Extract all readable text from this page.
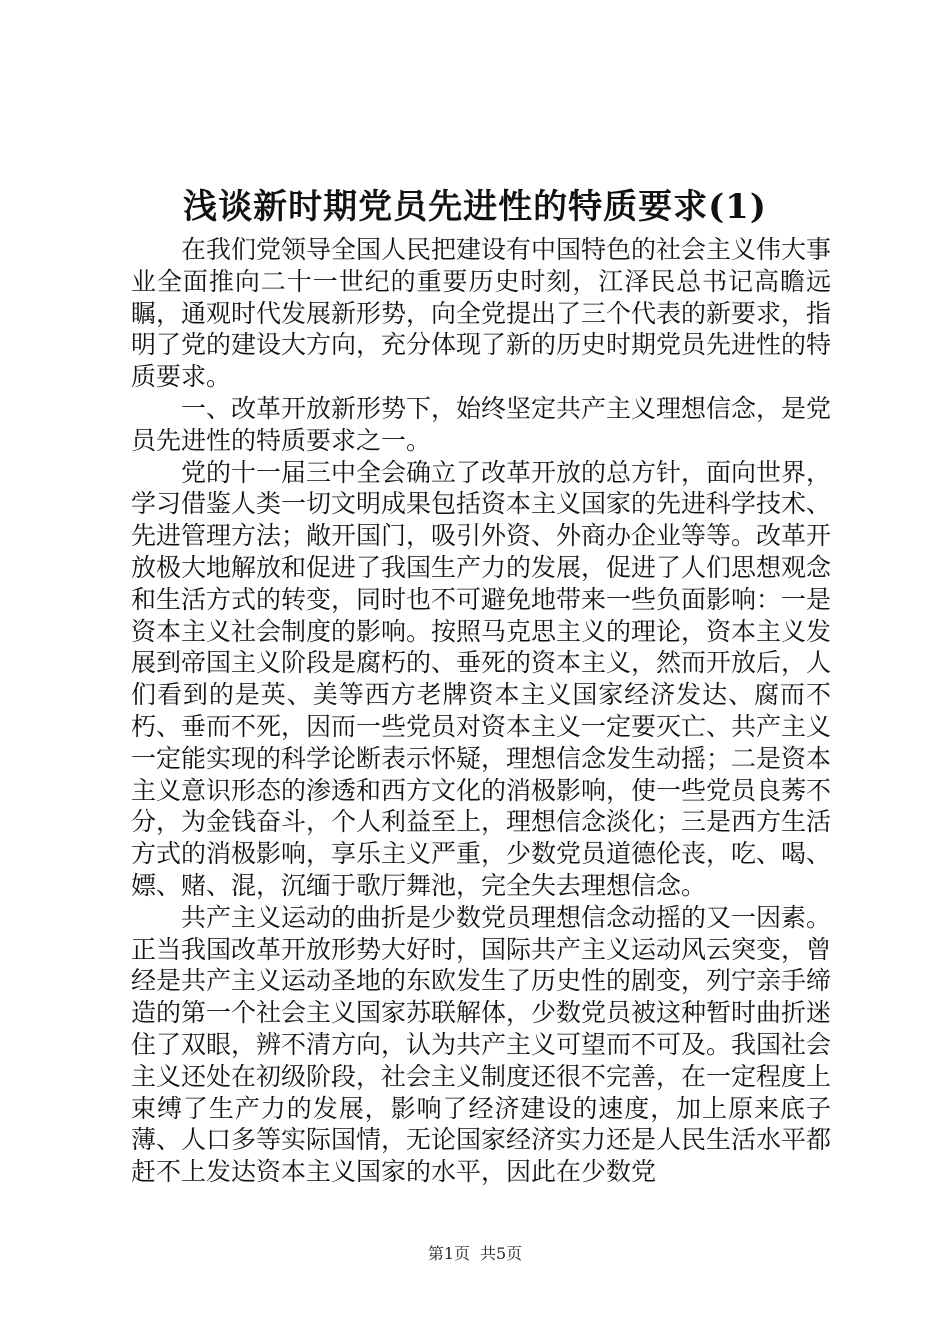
浅谈新时期党员先进性的特质要求(1)

在我们党领导全国人民把建设有中国特色的社会主义伟大事业全面推向二十一世纪的重要历史时刻，江泽民总书记高瞻远瞩，通观时代发展新形势，向全党提出了三个代表的新要求，指明了党的建设大方向，充分体现了新的历史时期党员先进性的特质要求。

一、改革开放新形势下，始终坚定共产主义理想信念，是党员先进性的特质要求之一。

党的十一届三中全会确立了改革开放的总方针，面向世界，学习借鉴人类一切文明成果包括资本主义国家的先进科学技术、先进管理方法；敞开国门，吸引外资、外商办企业等等。改革开放极大地解放和促进了我国生产力的发展，促进了人们思想观念和生活方式的转变，同时也不可避免地带来一些负面影响：一是资本主义社会制度的影响。按照马克思主义的理论，资本主义发展到帝国主义阶段是腐朽的、垂死的资本主义，然而开放后，人们看到的是英、美等西方老牌资本主义国家经济发达、腐而不朽、垂而不死，因而一些党员对资本主义一定要灭亡、共产主义一定能实现的科学论断表示怀疑，理想信念发生动摇；二是资本主义意识形态的渗透和西方文化的消极影响，使一些党员良莠不分，为金钱奋斗，个人利益至上，理想信念淡化；三是西方生活方式的消极影响，享乐主义严重，少数党员道德伦丧，吃、喝、嫖、赌、混，沉缅于歌厅舞池，完全失去理想信念。

共产主义运动的曲折是少数党员理想信念动摇的又一因素。正当我国改革开放形势大好时，国际共产主义运动风云突变，曾经是共产主义运动圣地的东欧发生了历史性的剧变，列宁亲手缔造的第一个社会主义国家苏联解体，少数党员被这种暂时曲折迷住了双眼，辨不清方向，认为共产主义可望而不可及。我国社会主义还处在初级阶段，社会主义制度还很不完善，在一定程度上束缚了生产力的发展，影响了经济建设的速度，加上原来底子薄、人口多等实际国情，无论国家经济实力还是人民生活水平都赶不上发达资本主义国家的水平，因此在少数党

第1页 共5页
